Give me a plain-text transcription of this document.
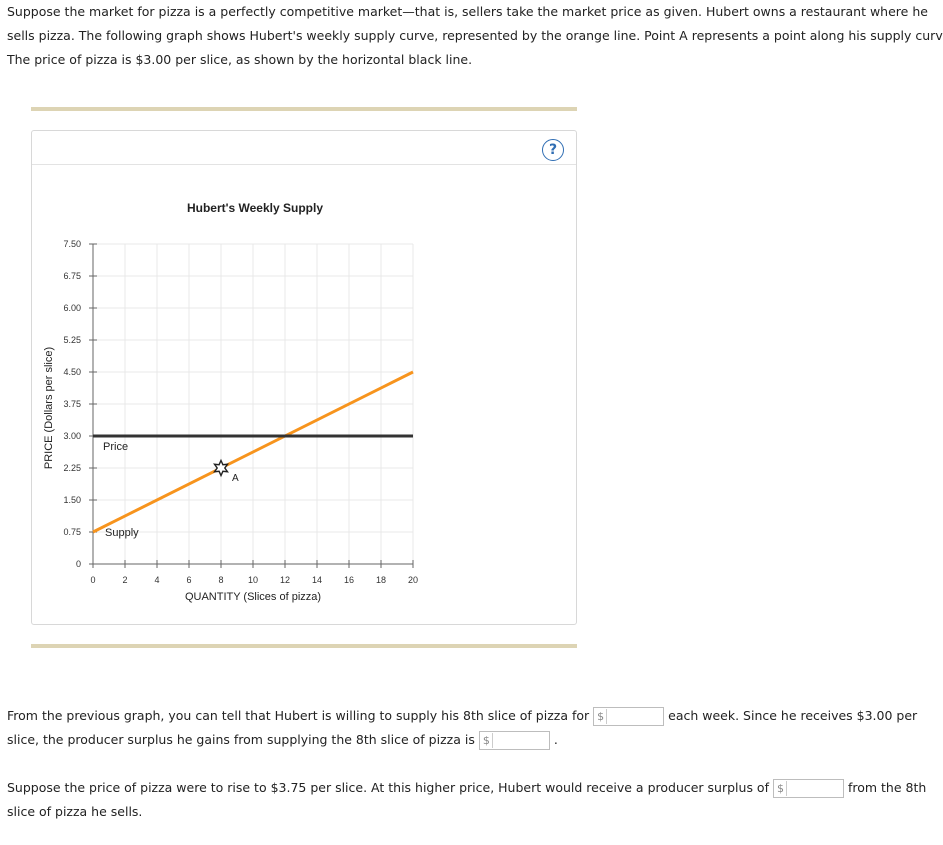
Suppose the market for pizza is a perfectly competitive market—that is, sellers take the market price as given. Hubert owns a restaurant where he
sells pizza. The following graph shows Hubert's weekly supply curve, represented by the orange line. Point A represents a point along his supply curv
The price of pizza is $3.00 per slice, as shown by the horizontal black line.
?
Hubert's Weekly Supply
PRICE (Dollars per slice)
QUANTITY (Slices of pizza)
0
0.75
1.50
2.25
3.00
3.75
4.50
5.25
6.00
6.75
7.50
0	2	4	6	8	10 12 14 16 18 20
Supply
Price
A
From the previous graph, you can tell that Hubert is willing to supply his 8th slice of pizza for $	each week. Since he receives $3.00 per
slice, the producer surplus he gains from supplying the 8th slice of pizza is $	.
Suppose the price of pizza were to rise to $3.75 per slice. At this higher price, Hubert would receive a producer surplus of $	from the 8th
slice of pizza he sells.
